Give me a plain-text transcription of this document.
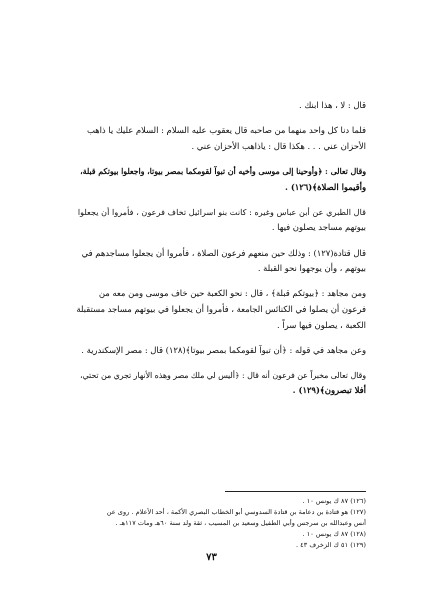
قال : لا ، هذا ابنك .

فلما دنا كل واحد منهما من صاحبه قال يعقوب عليه السلام : السلام عليك يا ذاهب
الأحزان عني . . . هكذا قال : ياذاهب الأحزان عني .

وقال تعالى : ﴿وأوحينا إلى موسى وأخيه أن تبوآ لقومكما بمصر بيوتا، واجعلوا بيوتكم قبلة،
وأقيموا الصلاة﴾(١٢٦) .

قال الطبري عن أبن عباس وغيره : كانت بنو اسرائيل تخاف فرعون ، فأمروا أن يجعلوا
بيوتهم مساجد يصلون فيها .

قال قتادة(١٢٧) : وذلك حين منعهم فرعون الصلاة ، فأمروا أن يجعلوا مساجدهم في
بيوتهم ، وأن يوجهوا نحو القبلة .

ومن مجاهد : ﴿بيوتكم قبلة﴾ ، قال : نحو الكعبة حين خاف موسى ومن معه من
فرعون أن يصلوا في الكنائس الجامعة ، فأمروا أن يجعلوا في بيوتهم مساجد مستقبلة
الكعبة ، يصلون فيها سراً .

وعن مجاهد في قوله : ﴿أن تبوآ لقومكما بمصر بيوتا﴾(١٢٨) قال : مصر الإسكندرية .

وقال تعالى مخبراً عن فرعون أنه قال : ﴿أليس لي ملك مصر وهذه الأنهار تجري من تحتي،
أفلا تبصرون﴾(١٢٩) .

(١٢٦) ٨٧ ك يونس ١٠ .
(١٢٧) هو قتادة بن دعامة بن قتادة السدوسي أبو الخطاب البصري الأكمة ، أحد الأعلام . روى عن
أنس وعبدالله بن سرجس وأبي الطفيل وسعيد بن المسيب ، ثقة ولد سنة ٦٠هـ ومات ١١٧هـ .
(١٢٨) ٨٧ ك يونس ١٠ .
(١٢٩) ٥١ ك الزخرف ٤٣ .
٧٣
